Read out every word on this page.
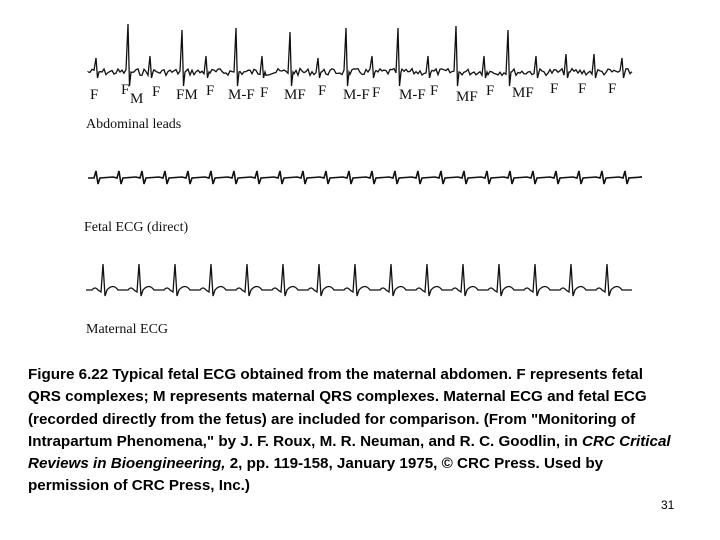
F F
M F FM F M-F F MF F M-F F M-F F MF F MF F F F
Abdominal leads
Fetal ECG (direct)
Maternal ECG
Figure 6.22 Typical fetal ECG obtained from the maternal abdomen. F represents fetal QRS complexes; M represents maternal QRS complexes. Maternal ECG and fetal ECG (recorded directly from the fetus) are included for comparison. (From "Monitoring of Intrapartum Phenomena," by J. F. Roux, M. R. Neuman, and R. C. Goodlin, in CRC Critical Reviews in Bioengineering, 2, pp. 119-158, January 1975, © CRC Press. Used by permission of CRC Press, Inc.)
31
